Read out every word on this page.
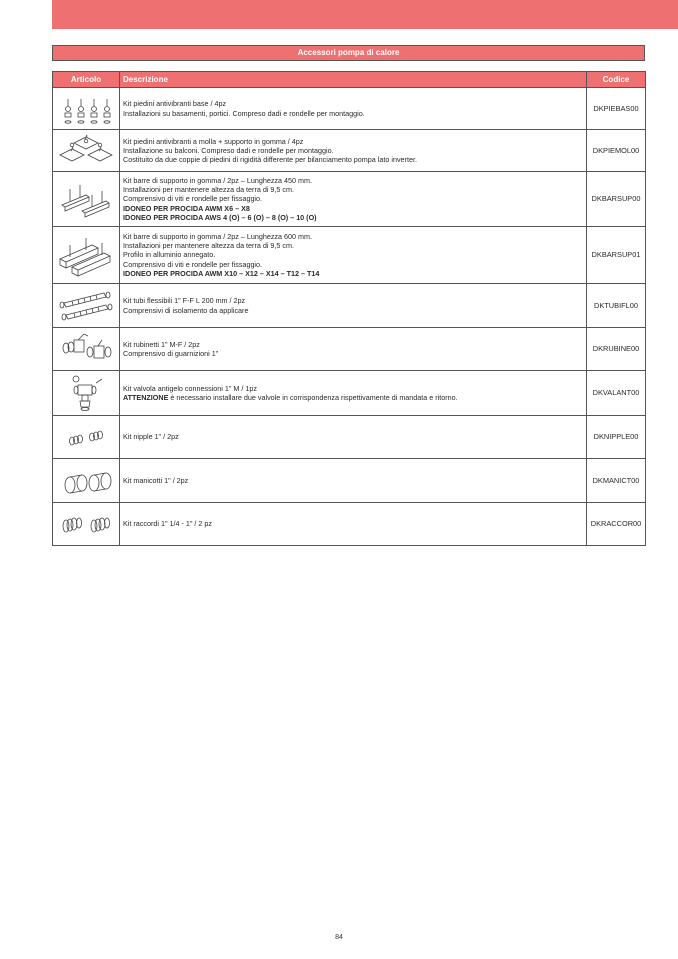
Accessori pompa di calore
Articolo	Descrizione	Codice

Kit piedini antivibranti base / 4pz
Installazioni su basamenti, portici. Compreso dadi e rondelle per montaggio.	DKPIEBAS00

Kit piedini antivibranti a molla + supporto in gomma / 4pz
Installazione su balconi. Compreso dadi e rondelle per montaggio.
Costituito da due coppie di piedini di rigidità differente per bilanciamento pompa lato inverter.	DKPIEMOL00

Kit barre di supporto in gomma / 2pz – Lunghezza 450 mm.
Installazioni per mantenere altezza da terra di 9,5 cm.
Comprensivo di viti e rondelle per fissaggio.
IDONEO PER PROCIDA AWM X6 – X8
IDONEO PER PROCIDA AWS 4 (O) – 6 (O) – 8 (O) – 10 (O)	DKBARSUP00

Kit barre di supporto in gomma / 2pz – Lunghezza 600 mm.
Installazioni per mantenere altezza da terra di 9,5 cm.
Profilo in alluminio annegato.
Comprensivo di viti e rondelle per fissaggio.
IDONEO PER PROCIDA AWM X10 – X12 – X14 – T12 – T14	DKBARSUP01

Kit tubi flessibili 1" F-F L 200 mm / 2pz
Comprensivi di isolamento da applicare	DKTUBIFL00

Kit rubinetti 1" M-F / 2pz
Comprensivo di guarnizioni 1"	DKRUBINE00

Kit valvola antigelo connessioni 1" M / 1pz
ATTENZIONE è necessario installare due valvole in corrispondenza rispettivamente di mandata e ritorno.	DKVALANT00

Kit nipple 1" / 2pz	DKNIPPLE00

Kit manicotti 1" / 2pz	DKMANICT00

Kit raccordi 1" 1/4 - 1" / 2 pz	DKRACCOR00
84
